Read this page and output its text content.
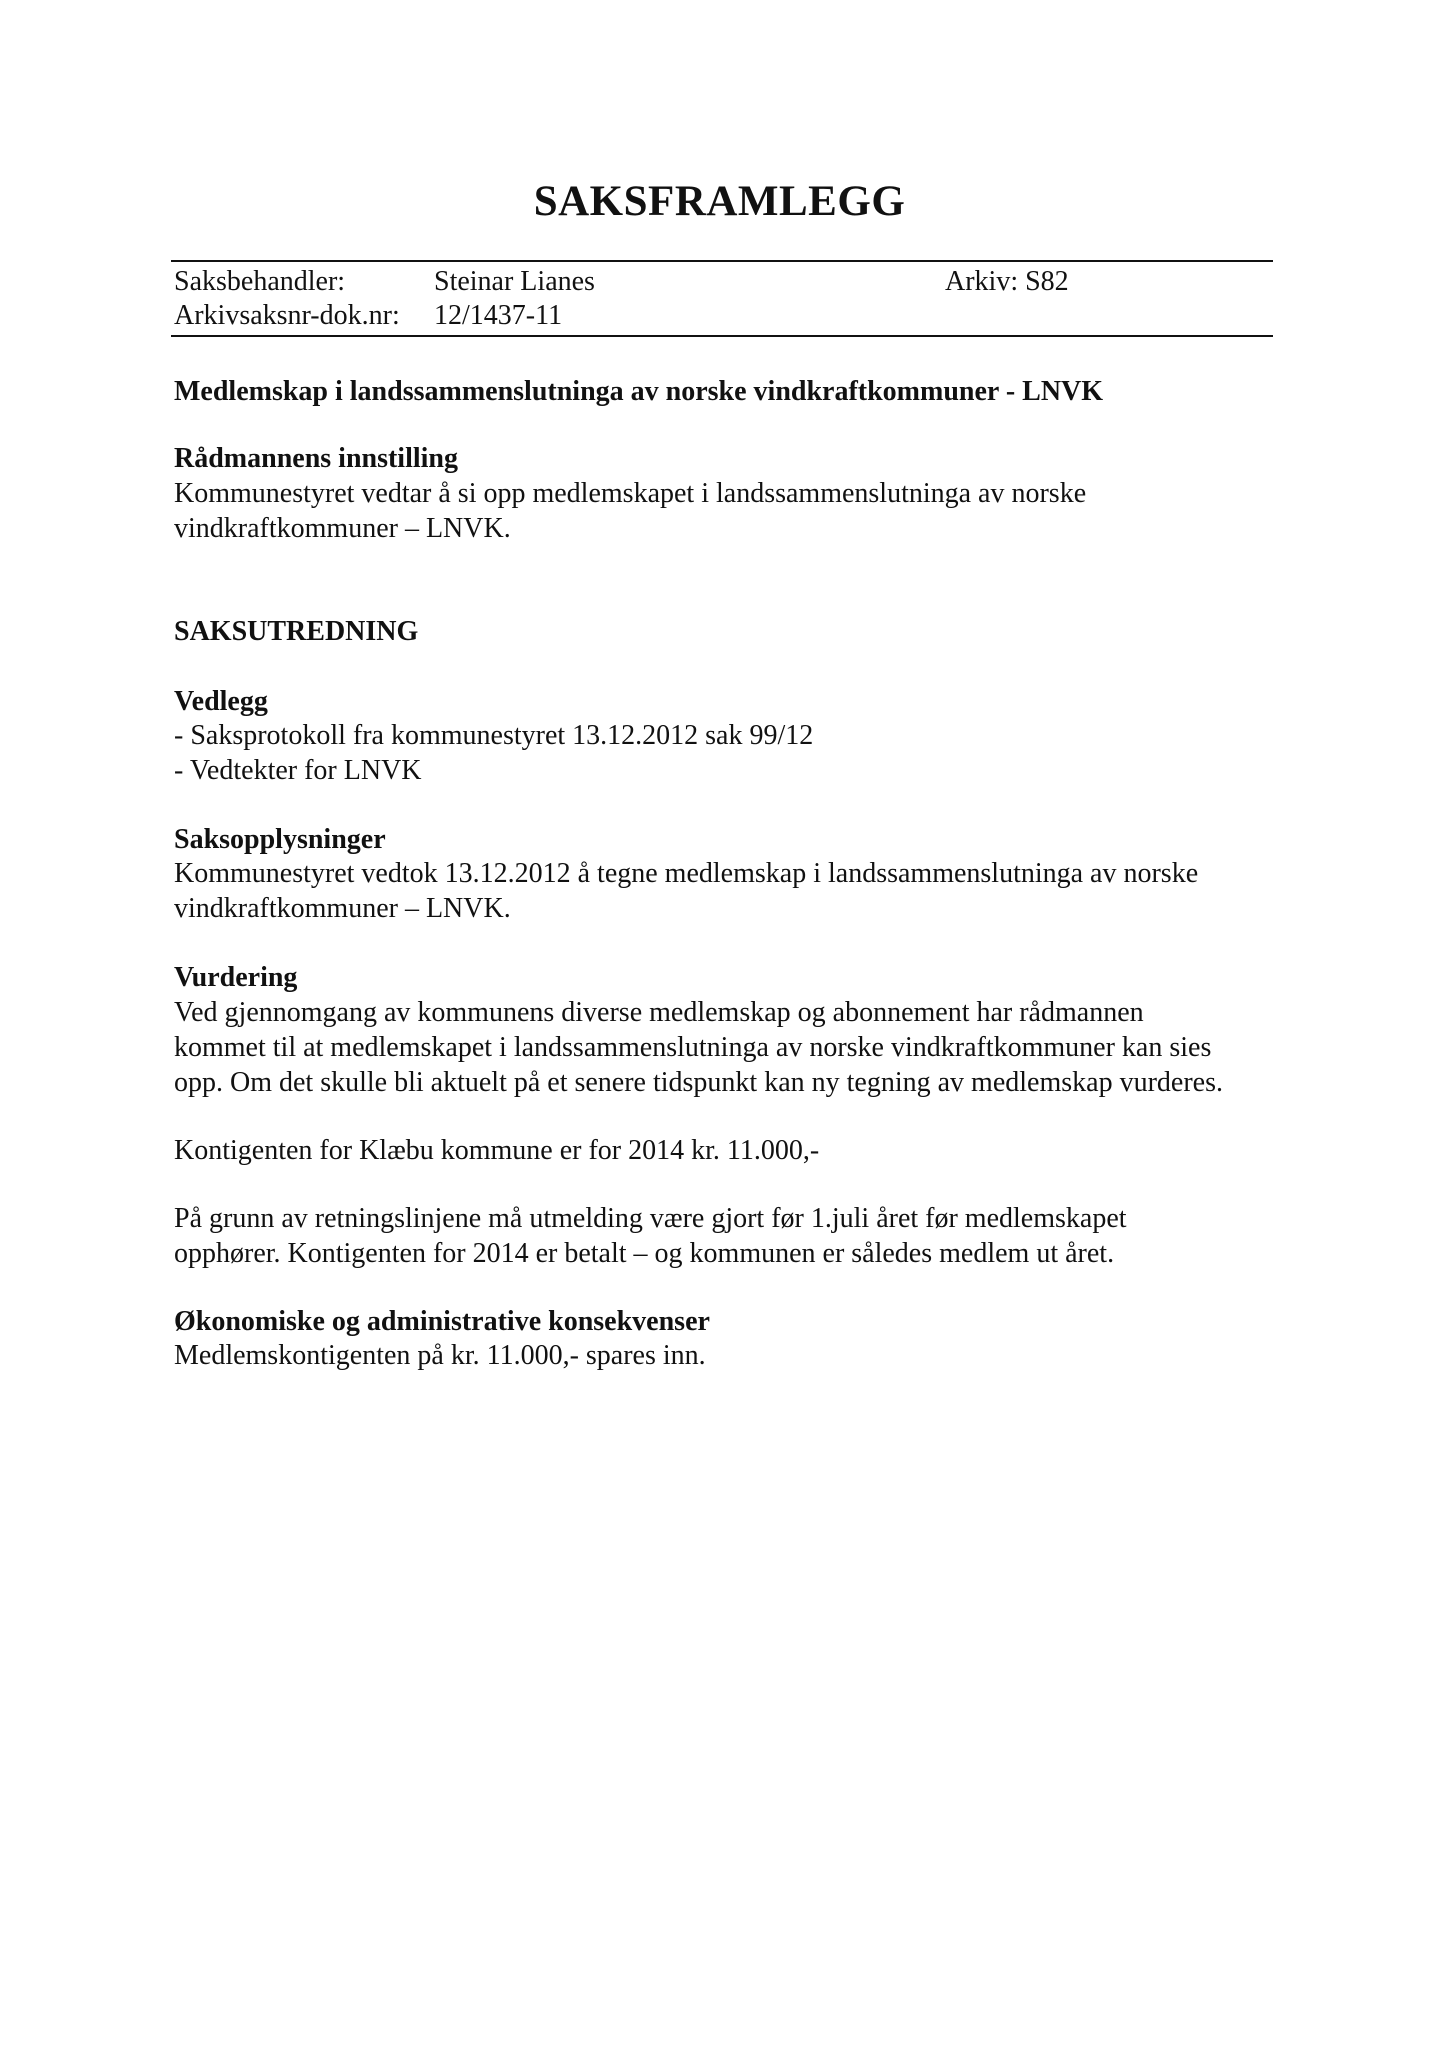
SAKSFRAMLEGG
Saksbehandler:	Steinar Lianes	Arkiv: S82
Arkivsaksnr-dok.nr: 12/1437-11
Medlemskap i landssammenslutninga av norske vindkraftkommuner - LNVK
Rådmannens innstilling
Kommunestyret vedtar å si opp medlemskapet i landssammenslutninga av norske
vindkraftkommuner – LNVK.
SAKSUTREDNING
Vedlegg
- Saksprotokoll fra kommunestyret 13.12.2012 sak 99/12
- Vedtekter for LNVK
Saksopplysninger
Kommunestyret vedtok 13.12.2012 å tegne medlemskap i landssammenslutninga av norske
vindkraftkommuner – LNVK.
Vurdering
Ved gjennomgang av kommunens diverse medlemskap og abonnement har rådmannen
kommet til at medlemskapet i landssammenslutninga av norske vindkraftkommuner kan sies
opp. Om det skulle bli aktuelt på et senere tidspunkt kan ny tegning av medlemskap vurderes.
Kontigenten for Klæbu kommune er for 2014 kr. 11.000,-
På grunn av retningslinjene må utmelding være gjort før 1.juli året før medlemskapet
opphører. Kontigenten for 2014 er betalt – og kommunen er således medlem ut året.
Økonomiske og administrative konsekvenser
Medlemskontigenten på kr. 11.000,- spares inn.
